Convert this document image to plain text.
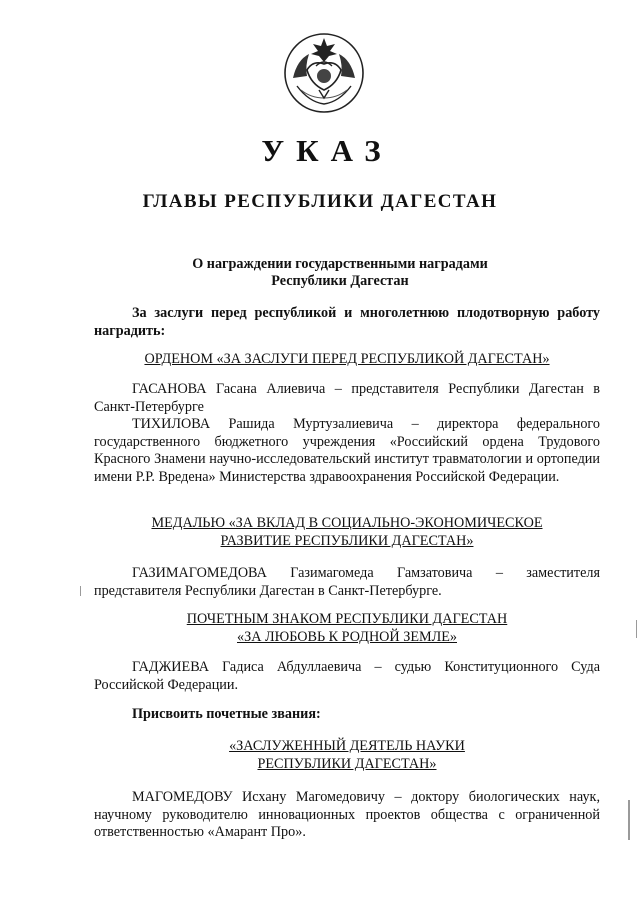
УКАЗ
ГЛАВЫ РЕСПУБЛИКИ ДАГЕСТАН
О награждении государственными наградами
Республики Дагестан
За заслуги перед республикой и многолетнюю плодотворную работу наградить:
ОРДЕНОМ «ЗА ЗАСЛУГИ ПЕРЕД РЕСПУБЛИКОЙ ДАГЕСТАН»
ГАСАНОВА Гасана Алиевича – представителя Республики Дагестан в Санкт-Петербурге
ТИХИЛОВА Рашида Муртузалиевича – директора федерального государственного бюджетного учреждения «Российский ордена Трудового Красного Знамени научно-исследовательский институт травматологии и ортопедии имени Р.Р. Вредена» Министерства здравоохранения Российской Федерации.
МЕДАЛЬЮ «ЗА ВКЛАД В СОЦИАЛЬНО-ЭКОНОМИЧЕСКОЕ
РАЗВИТИЕ РЕСПУБЛИКИ ДАГЕСТАН»
ГАЗИМАГОМЕДОВА Газимагомеда Гамзатовича – заместителя представителя Республики Дагестан в Санкт-Петербурге.
ПОЧЕТНЫМ ЗНАКОМ РЕСПУБЛИКИ ДАГЕСТАН
«ЗА ЛЮБОВЬ К РОДНОЙ ЗЕМЛЕ»
ГАДЖИЕВА Гадиса Абдуллаевича – судью Конституционного Суда Российской Федерации.
Присвоить почетные звания:
«ЗАСЛУЖЕННЫЙ ДЕЯТЕЛЬ НАУКИ
РЕСПУБЛИКИ ДАГЕСТАН»
МАГОМЕДОВУ Исхану Магомедовичу – доктору биологических наук, научному руководителю инновационных проектов общества с ограниченной ответственностью «Амарант Про».
